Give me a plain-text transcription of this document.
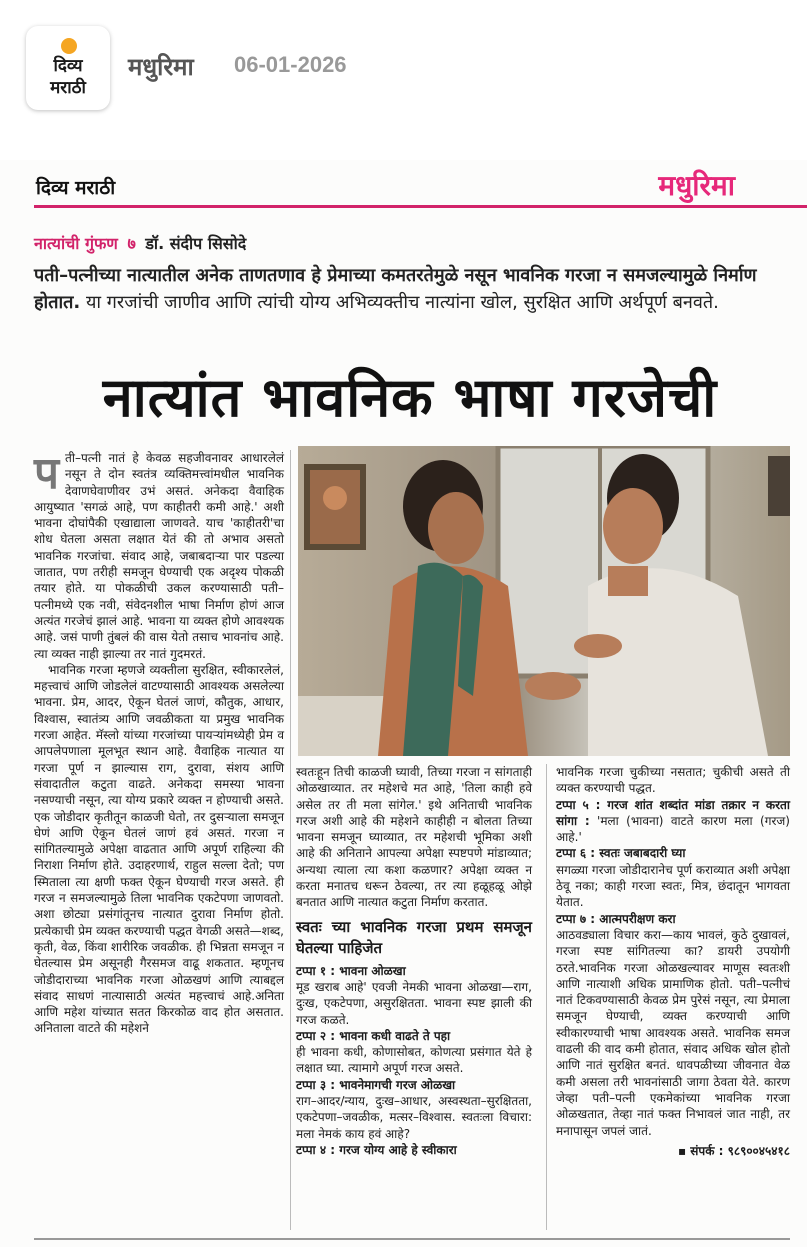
दिव्य
मराठी
मधुरिमा 06-01-2026
दिव्य मराठी	मधुरिमा
नात्यांची गुंफण ७ डॉ. संदीप सिसोदे
पती–पत्नीच्या नात्यातील अनेक ताणतणाव हे प्रेमाच्या कमतरतेमुळे नसून भावनिक गरजा न समजल्यामुळे निर्माण होतात. या गरजांची जाणीव आणि त्यांची योग्य अभिव्यक्तीच नात्यांना खोल, सुरक्षित आणि अर्थपूर्ण बनवते.
नात्यांत भावनिक भाषा गरजेची

पती–पत्नी नातं हे केवळ सहजीवनावर आधारलेलं नसून ते दोन स्वतंत्र व्यक्तिमत्त्वांमधील भावनिक देवाणघेवाणीवर उभं असतं. अनेकदा वैवाहिक आयुष्यात 'सगळं आहे, पण काहीतरी कमी आहे.' अशी भावना दोघांपैकी एखाद्याला जाणवते. याच 'काहीतरी'चा शोध घेतला असता लक्षात येतं की तो अभाव असतो भावनिक गरजांचा. संवाद आहे, जबाबदाऱ्या पार पडल्या जातात, पण तरीही समजून घेण्याची एक अदृश्य पोकळी तयार होते. या पोकळीची उकल करण्यासाठी पती–पत्नीमध्ये एक नवी, संवेदनशील भाषा निर्माण होणं आज अत्यंत गरजेचं झालं आहे. भावना या व्यक्त होणे आवश्यक आहे. जसं पाणी तुंबलं की वास येतो तसाच भावनांच आहे. त्या व्यक्त नाही झाल्या तर नातं गुदमरतं.

भावनिक गरजा म्हणजे व्यक्तीला सुरक्षित, स्वीकारलेलं, महत्त्वाचं आणि जोडलेलं वाटण्यासाठी आवश्यक असलेल्या भावना. प्रेम, आदर, ऐकून घेतलं जाणं, कौतुक, आधार, विश्वास, स्वातंत्र्य आणि जवळीकता या प्रमुख भावनिक गरजा आहेत. मॅस्लो यांच्या गरजांच्या पायऱ्यांमध्येही प्रेम व आपलेपणाला मूलभूत स्थान आहे. वैवाहिक नात्यात या गरजा पूर्ण न झाल्यास राग, दुरावा, संशय आणि संवादातील कटुता वाढते. अनेकदा समस्या भावना नसण्याची नसून, त्या योग्य प्रकारे व्यक्त न होण्याची असते. एक जोडीदार कृतीतून काळजी घेतो, तर दुसऱ्याला समजून घेणं आणि ऐकून घेतलं जाणं हवं असतं. गरजा न सांगितल्यामुळे अपेक्षा वाढतात आणि अपूर्ण राहिल्या की निराशा निर्माण होते. उदाहरणार्थ, राहुल सल्ला देतो; पण स्मिताला त्या क्षणी फक्त ऐकून घेण्याची गरज असते. ही गरज न समजल्यामुळे तिला भावनिक एकटेपणा जाणवतो. अशा छोट्या प्रसंगांतूनच नात्यात दुरावा निर्माण होतो. प्रत्येकाची प्रेम व्यक्त करण्याची पद्धत वेगळी असते—शब्द, कृती, वेळ, किंवा शारीरिक जवळीक. ही भिन्नता समजून न घेतल्यास प्रेम असूनही गैरसमज वाढू शकतात. म्हणूनच जोडीदाराच्या भावनिक गरजा ओळखणं आणि त्याबद्दल संवाद साधणं नात्यासाठी अत्यंत महत्त्वाचं आहे.अनिता आणि महेश यांच्यात सतत किरकोळ वाद होत असतात. अनिताला वाटते की महेशने

स्वतःहून तिची काळजी घ्यावी, तिच्या गरजा न सांगताही ओळखाव्यात. तर महेशचे मत आहे, 'तिला काही हवे असेल तर ती मला सांगेल.' इथे अनिताची भावनिक गरज अशी आहे की महेशने काहीही न बोलता तिच्या भावना समजून घ्याव्यात, तर महेशची भूमिका अशी आहे की अनिताने आपल्या अपेक्षा स्पष्टपणे मांडाव्यात; अन्यथा त्याला त्या कशा कळणार? अपेक्षा व्यक्त न करता मनातच धरून ठेवल्या, तर त्या हळूहळू ओझे बनतात आणि नात्यात कटुता निर्माण करतात.

स्वतः च्या भावनिक गरजा प्रथम समजून घेतल्या पाहिजेत

टप्पा १ : भावना ओळखा

मूड खराब आहे' एवजी नेमकी भावना ओळखा—राग, दुःख, एकटेपणा, असुरक्षितता. भावना स्पष्ट झाली की गरज कळते.

टप्पा २ : भावना कधी वाढते ते पहा

ही भावना कधी, कोणासोबत, कोणत्या प्रसंगात येते हे लक्षात घ्या. त्यामागे अपूर्ण गरज असते.

टप्पा ३ : भावनेमागची गरज ओळखा

राग–आदर/न्याय, दुःख–आधार, अस्वस्थता–सुरक्षितता, एकटेपणा–जवळीक, मत्सर–विश्वास. स्वतःला विचारा: मला नेमकं काय हवं आहे?

टप्पा ४ : गरज योग्य आहे हे स्वीकारा

भावनिक गरजा चुकीच्या नसतात; चुकीची असते ती व्यक्त करण्याची पद्धत.

टप्पा ५ : गरज शांत शब्दांत मांडा तक्रार न करता सांगा : 'मला (भावना) वाटते कारण मला (गरज) आहे.'

टप्पा ६ : स्वतः जबाबदारी घ्या

सगळ्या गरजा जोडीदारानेच पूर्ण कराव्यात अशी अपेक्षा ठेवू नका; काही गरजा स्वतः, मित्र, छंदातून भागवता येतात.

टप्पा ७ : आत्मपरीक्षण करा

आठवड्याला विचार करा—काय भावलं, कुठे दुखावलं, गरजा स्पष्ट सांगितल्या का? डायरी उपयोगी ठरते.भावनिक गरजा ओळखल्यावर माणूस स्वतःशी आणि नात्याशी अधिक प्रामाणिक होतो. पती–पत्नीचं नातं टिकवण्यासाठी केवळ प्रेम पुरेसं नसून, त्या प्रेमाला समजून घेण्याची, व्यक्त करण्याची आणि स्वीकारण्याची भाषा आवश्यक असते. भावनिक समज वाढली की वाद कमी होतात, संवाद अधिक खोल होतो आणि नातं सुरक्षित बनतं. धावपळीच्या जीवनात वेळ कमी असला तरी भावनांसाठी जागा ठेवता येते. कारण जेव्हा पती–पत्नी एकमेकांच्या भावनिक गरजा ओळखतात, तेव्हा नातं फक्त निभावलं जात नाही, तर मनापासून जपलं जातं.

▪ संपर्क : ९८९००४५४१८
